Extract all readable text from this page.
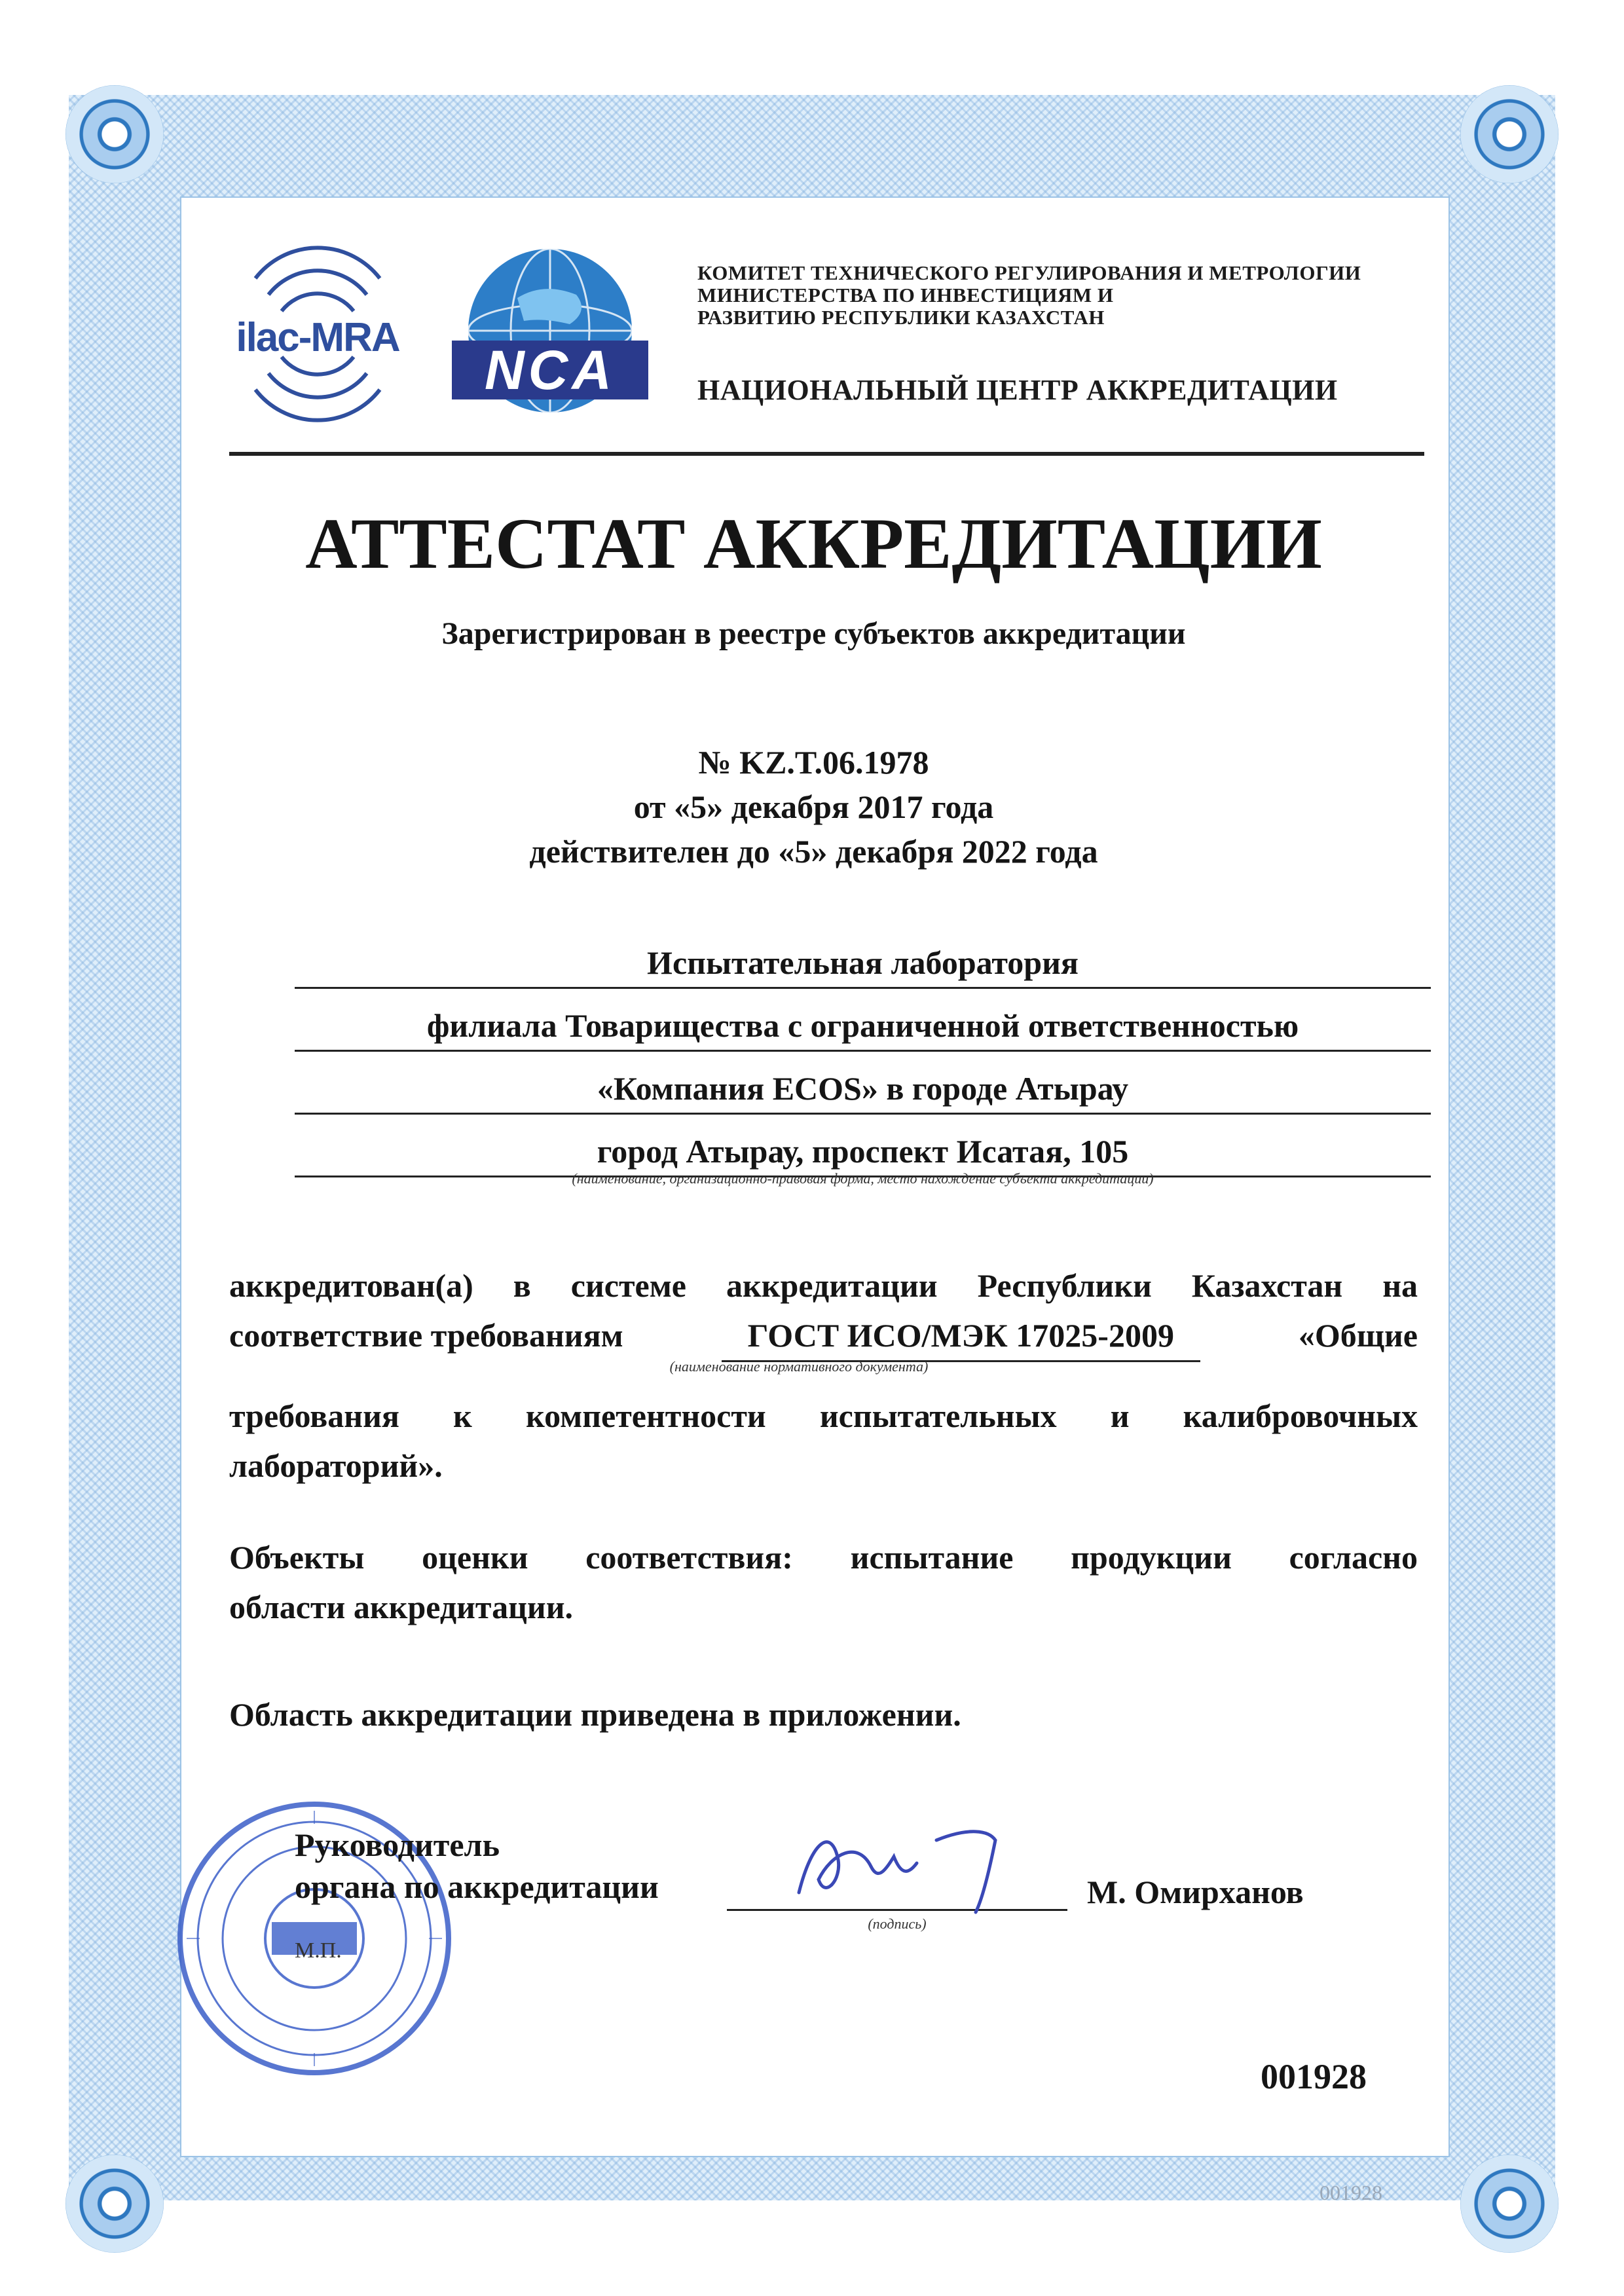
ilac-MRA
NCA
КОМИТЕТ ТЕХНИЧЕСКОГО РЕГУЛИРОВАНИЯ И МЕТРОЛОГИИ
МИНИСТЕРСТВА ПО ИНВЕСТИЦИЯМ И
РАЗВИТИЮ РЕСПУБЛИКИ КАЗАХСТАН
НАЦИОНАЛЬНЫЙ ЦЕНТР АККРЕДИТАЦИИ
АТТЕСТАТ АККРЕДИТАЦИИ
Зарегистрирован в реестре субъектов аккредитации
№ KZ.T.06.1978
от «5» декабря 2017 года
действителен до «5» декабря 2022 года
Испытательная лаборатория
филиала Товарищества с ограниченной ответственностью
«Компания ECOS» в городе Атырау
город Атырау, проспект Исатая, 105
(наименование, организационно-правовая форма, место нахождение субъекта аккредитации)
аккредитован(а) в системе аккредитации Республики Казахстан на
соответствие требованиям	ГОСТ ИСО/МЭК 17025-2009	«Общие
(наименование нормативного документа)
требования к компетентности испытательных и калибровочных
лабораторий».
Объекты оценки соответствия: испытание продукции согласно
области аккредитации.
Область аккредитации приведена в приложении.
Руководитель
органа по аккредитации
(подпись)
М. Омирханов
М.П.
001928
001928
